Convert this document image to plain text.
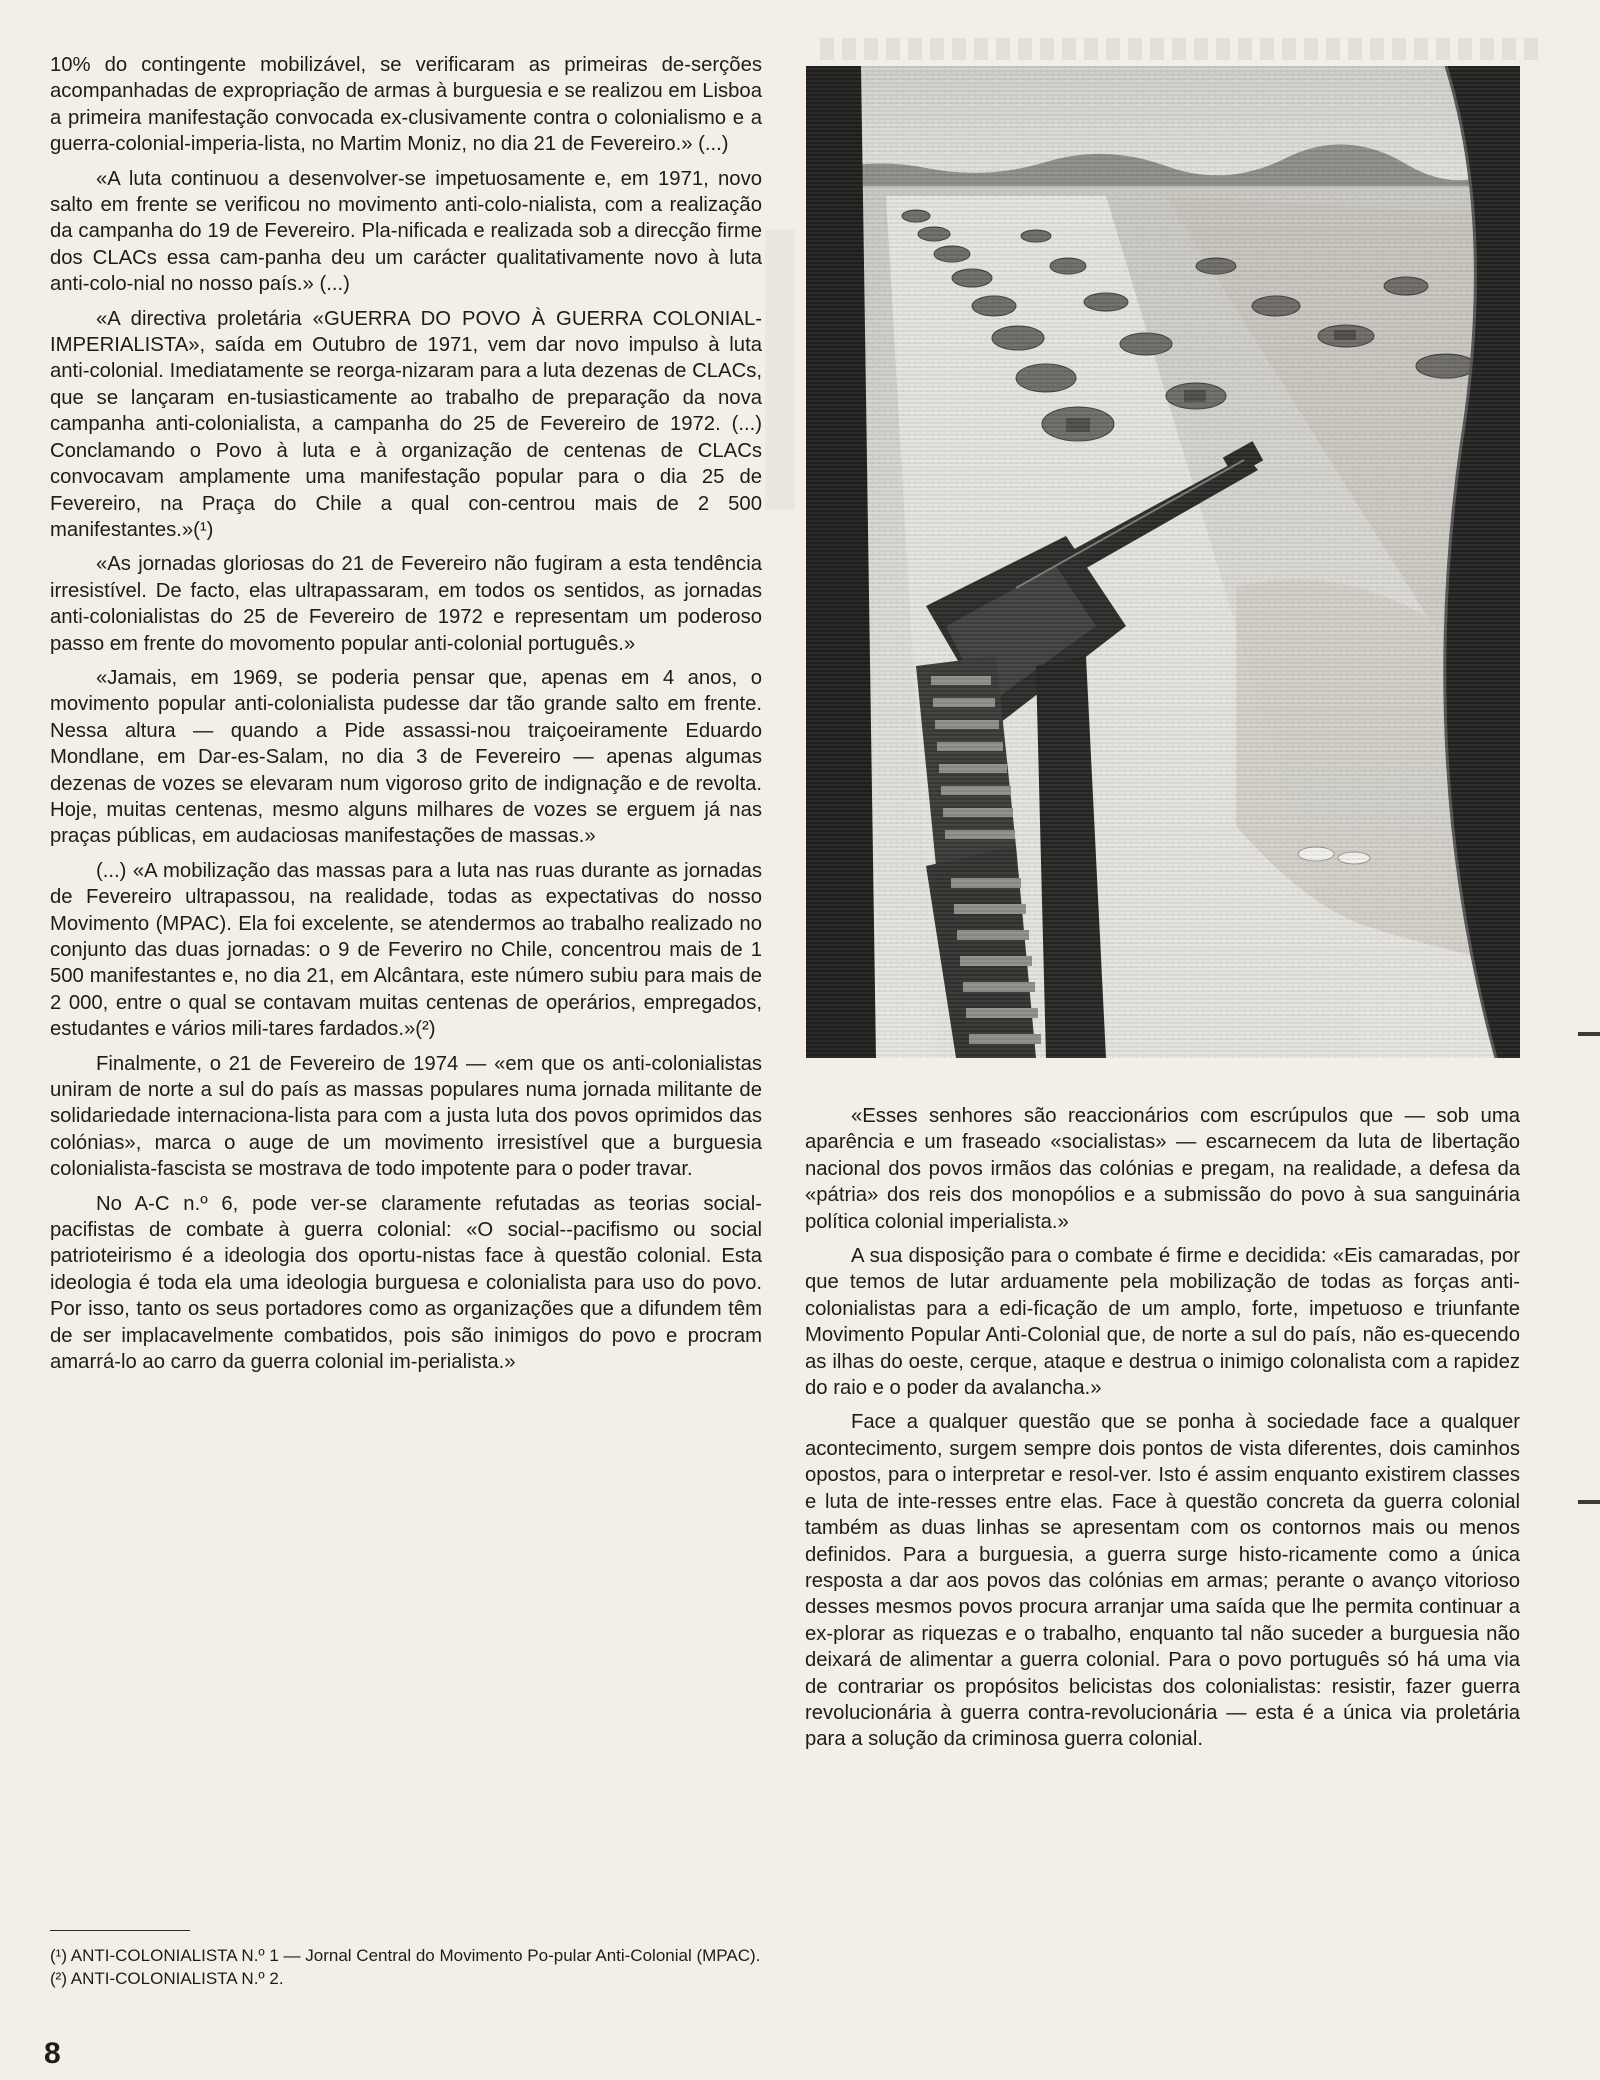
10% do contingente mobilizável, se verificaram as primeiras de-serções acompanhadas de expropriação de armas à burguesia e se realizou em Lisboa a primeira manifestação convocada ex-clusivamente contra o colonialismo e a guerra-colonial-imperia-lista, no Martim Moniz, no dia 21 de Fevereiro.» (...)

«A luta continuou a desenvolver-se impetuosamente e, em 1971, novo salto em frente se verificou no movimento anti-colo-nialista, com a realização da campanha do 19 de Fevereiro. Pla-nificada e realizada sob a direcção firme dos CLACs essa cam-panha deu um carácter qualitativamente novo à luta anti-colo-nial no nosso país.» (...)

«A directiva proletária «GUERRA DO POVO À GUERRA COLONIAL-IMPERIALISTA», saída em Outubro de 1971, vem dar novo impulso à luta anti-colonial. Imediatamente se reorga-nizaram para a luta dezenas de CLACs, que se lançaram en-tusiasticamente ao trabalho de preparação da nova campanha anti-colonialista, a campanha do 25 de Fevereiro de 1972. (...) Conclamando o Povo à luta e à organização de centenas de CLACs convocavam amplamente uma manifestação popular para o dia 25 de Fevereiro, na Praça do Chile a qual con-centrou mais de 2 500 manifestantes.»(¹)

«As jornadas gloriosas do 21 de Fevereiro não fugiram a esta tendência irresistível. De facto, elas ultrapassaram, em todos os sentidos, as jornadas anti-colonialistas do 25 de Fevereiro de 1972 e representam um poderoso passo em frente do movomento popular anti-colonial português.»

«Jamais, em 1969, se poderia pensar que, apenas em 4 anos, o movimento popular anti-colonialista pudesse dar tão grande salto em frente. Nessa altura — quando a Pide assassi-nou traiçoeiramente Eduardo Mondlane, em Dar-es-Salam, no dia 3 de Fevereiro — apenas algumas dezenas de vozes se elevaram num vigoroso grito de indignação e de revolta. Hoje, muitas centenas, mesmo alguns milhares de vozes se erguem já nas praças públicas, em audaciosas manifestações de massas.»

(...) «A mobilização das massas para a luta nas ruas durante as jornadas de Fevereiro ultrapassou, na realidade, todas as expectativas do nosso Movimento (MPAC). Ela foi excelente, se atendermos ao trabalho realizado no conjunto das duas jornadas: o 9 de Feveriro no Chile, concentrou mais de 1 500 manifestantes e, no dia 21, em Alcântara, este número subiu para mais de 2 000, entre o qual se contavam muitas centenas de operários, empregados, estudantes e vários mili-tares fardados.»(²)

Finalmente, o 21 de Fevereiro de 1974 — «em que os anti-colonialistas uniram de norte a sul do país as massas populares numa jornada militante de solidariedade internaciona-lista para com a justa luta dos povos oprimidos das colónias», marca o auge de um movimento irresistível que a burguesia colonialista-fascista se mostrava de todo impotente para o poder travar.

No A-C n.º 6, pode ver-se claramente refutadas as teorias social-pacifistas de combate à guerra colonial: «O social--pacifismo ou social patrioteirismo é a ideologia dos oportu-nistas face à questão colonial. Esta ideologia é toda ela uma ideologia burguesa e colonialista para uso do povo. Por isso, tanto os seus portadores como as organizações que a difundem têm de ser implacavelmente combatidos, pois são inimigos do povo e procram amarrá-lo ao carro da guerra colonial im-perialista.»

(¹) ANTI-COLONIALISTA N.º 1 — Jornal Central do Movimento Po-pular Anti-Colonial (MPAC).
(²) ANTI-COLONIALISTA N.º 2.
8

«Esses senhores são reaccionários com escrúpulos que — sob uma aparência e um fraseado «socialistas» — escarnecem da luta de libertação nacional dos povos irmãos das colónias e pregam, na realidade, a defesa da «pátria» dos reis dos monopólios e a submissão do povo à sua sanguinária política colonial imperialista.»

A sua disposição para o combate é firme e decidida: «Eis camaradas, por que temos de lutar arduamente pela mobilização de todas as forças anti-colonialistas para a edi-ficação de um amplo, forte, impetuoso e triunfante Movimento Popular Anti-Colonial que, de norte a sul do país, não es-quecendo as ilhas do oeste, cerque, ataque e destrua o inimigo colonalista com a rapidez do raio e o poder da avalancha.»

Face a qualquer questão que se ponha à sociedade face a qualquer acontecimento, surgem sempre dois pontos de vista diferentes, dois caminhos opostos, para o interpretar e resol-ver. Isto é assim enquanto existirem classes e luta de inte-resses entre elas. Face à questão concreta da guerra colonial também as duas linhas se apresentam com os contornos mais ou menos definidos. Para a burguesia, a guerra surge histo-ricamente como a única resposta a dar aos povos das colónias em armas; perante o avanço vitorioso desses mesmos povos procura arranjar uma saída que lhe permita continuar a ex-plorar as riquezas e o trabalho, enquanto tal não suceder a burguesia não deixará de alimentar a guerra colonial. Para o povo português só há uma via de contrariar os propósitos belicistas dos colonialistas: resistir, fazer guerra revolucionária à guerra contra-revolucionária — esta é a única via proletária para a solução da criminosa guerra colonial.
